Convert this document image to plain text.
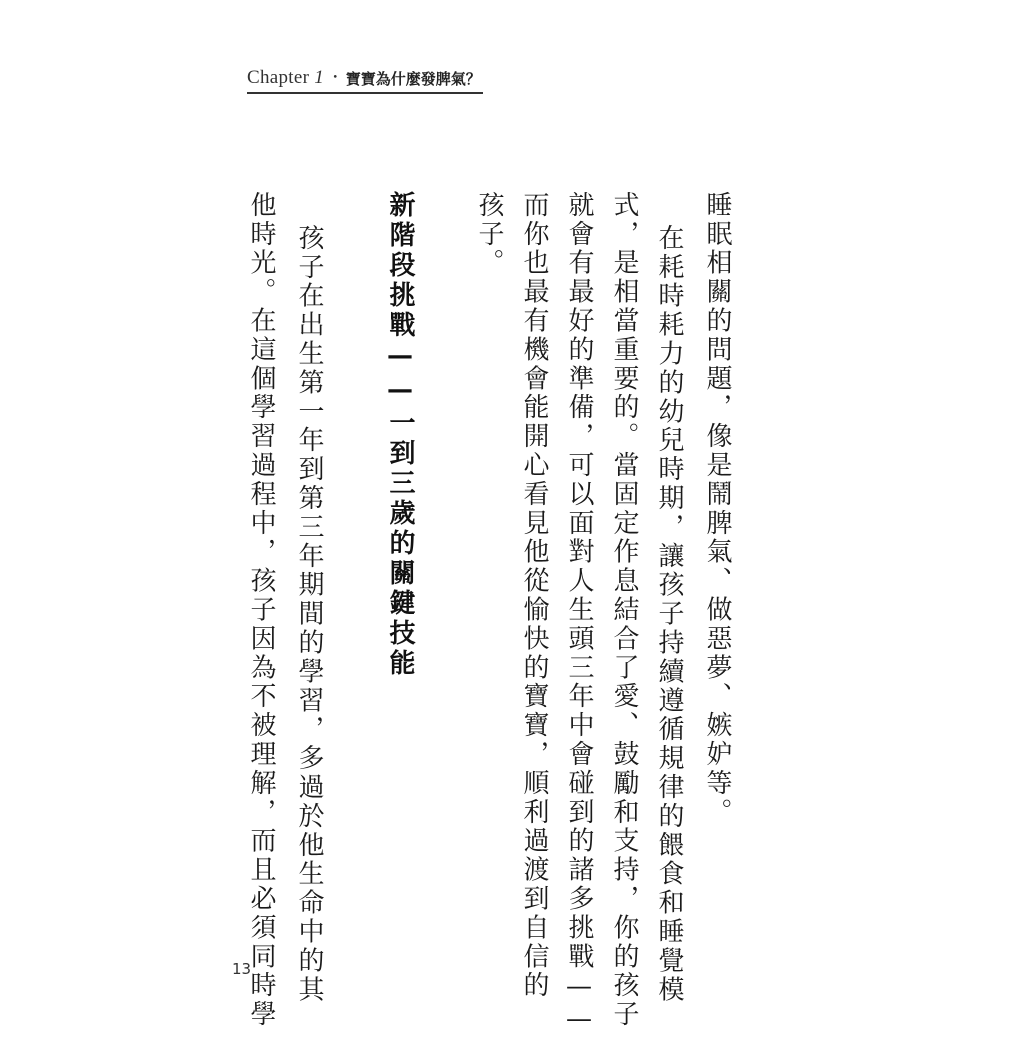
Chapter 1 ・ 寶寶為什麼發脾氣？
睡眠相關的問題，像是鬧脾氣、做惡夢、嫉妒等。
在耗時耗力的幼兒時期，讓孩子持續遵循規律的餵食和睡覺模
式，是相當重要的。當固定作息結合了愛、鼓勵和支持，你的孩子
就會有最好的準備，可以面對人生頭三年中會碰到的諸多挑戰——
而你也最有機會能開心看見他從愉快的寶寶，順利過渡到自信的
孩子。
新階段挑戰——一到三歲的關鍵技能
孩子在出生第一年到第三年期間的學習，多過於他生命中的其
他時光。在這個學習過程中，孩子因為不被理解，而且必須同時學
13
